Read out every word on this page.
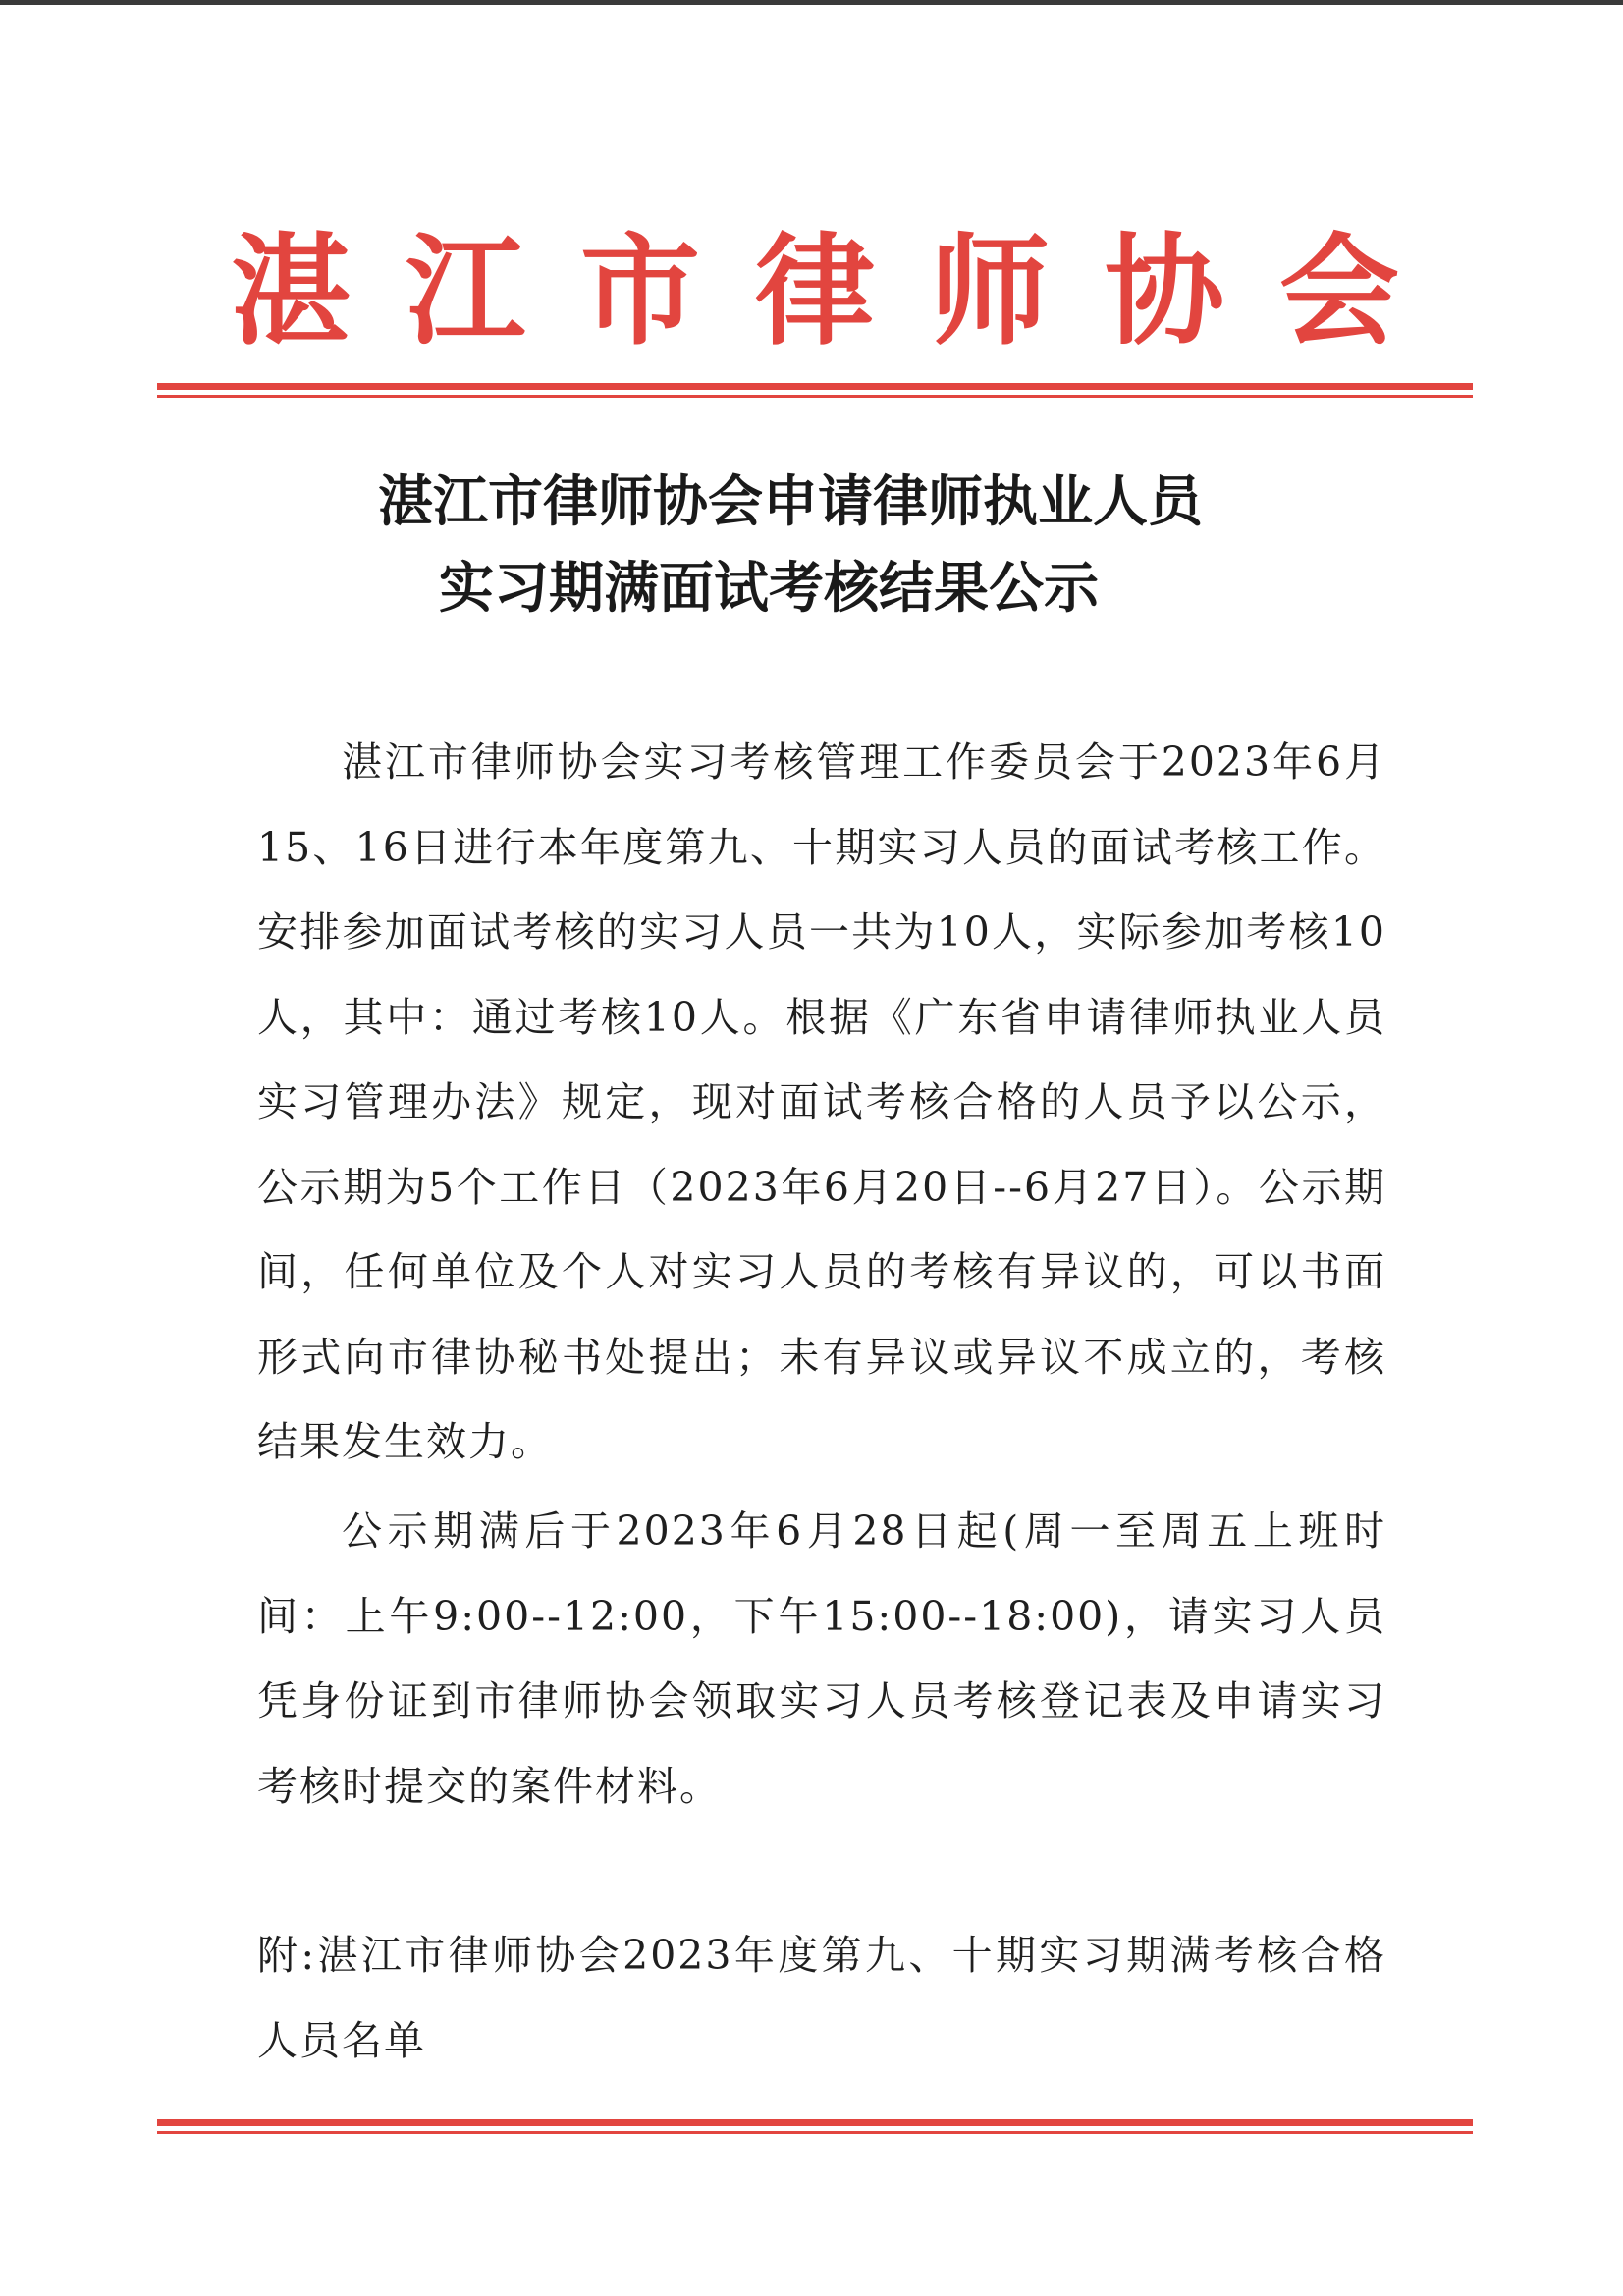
湛江市律师协会
湛江市律师协会申请律师执业人员
实习期满面试考核结果公示

湛江市律师协会实习考核管理工作委员会于2023年6月15、16日进行本年度第九、十期实习人员的面试考核工作。安排参加面试考核的实习人员一共为10人，实际参加考核10人，其中：通过考核10人。根据《广东省申请律师执业人员实习管理办法》规定，现对面试考核合格的人员予以公示，公示期为5个工作日（2023年6月20日--6月27日）。公示期间，任何单位及个人对实习人员的考核有异议的，可以书面形式向市律协秘书处提出；未有异议或异议不成立的，考核结果发生效力。

公示期满后于2023年6月28日起(周一至周五上班时间：上午9:00--12:00，下午15:00--18:00)，请实习人员凭身份证到市律师协会领取实习人员考核登记表及申请实习考核时提交的案件材料。

附:湛江市律师协会2023年度第九、十期实习期满考核合格人员名单
